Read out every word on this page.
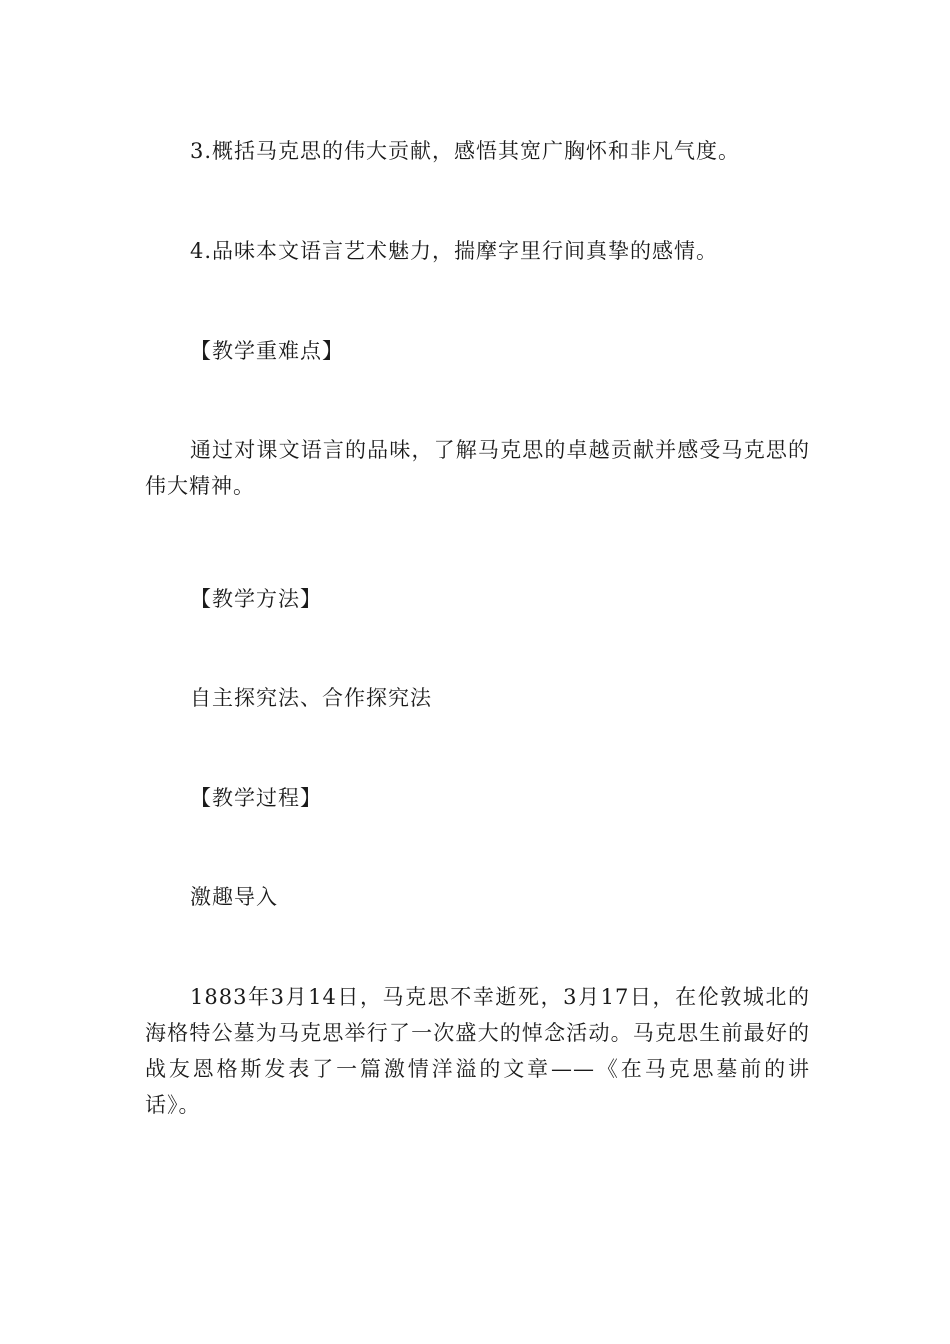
3.概括马克思的伟大贡献，感悟其宽广胸怀和非凡气度。

4.品味本文语言艺术魅力，揣摩字里行间真挚的感情。

【教学重难点】

通过对课文语言的品味，了解马克思的卓越贡献并感受马克思的伟大精神。

【教学方法】

自主探究法、合作探究法

【教学过程】

激趣导入

1883年3月14日，马克思不幸逝死，3月17日，在伦敦城北的海格特公墓为马克思举行了一次盛大的悼念活动。马克思生前最好的战友恩格斯发表了一篇激情洋溢的文章——《在马克思墓前的讲话》。
